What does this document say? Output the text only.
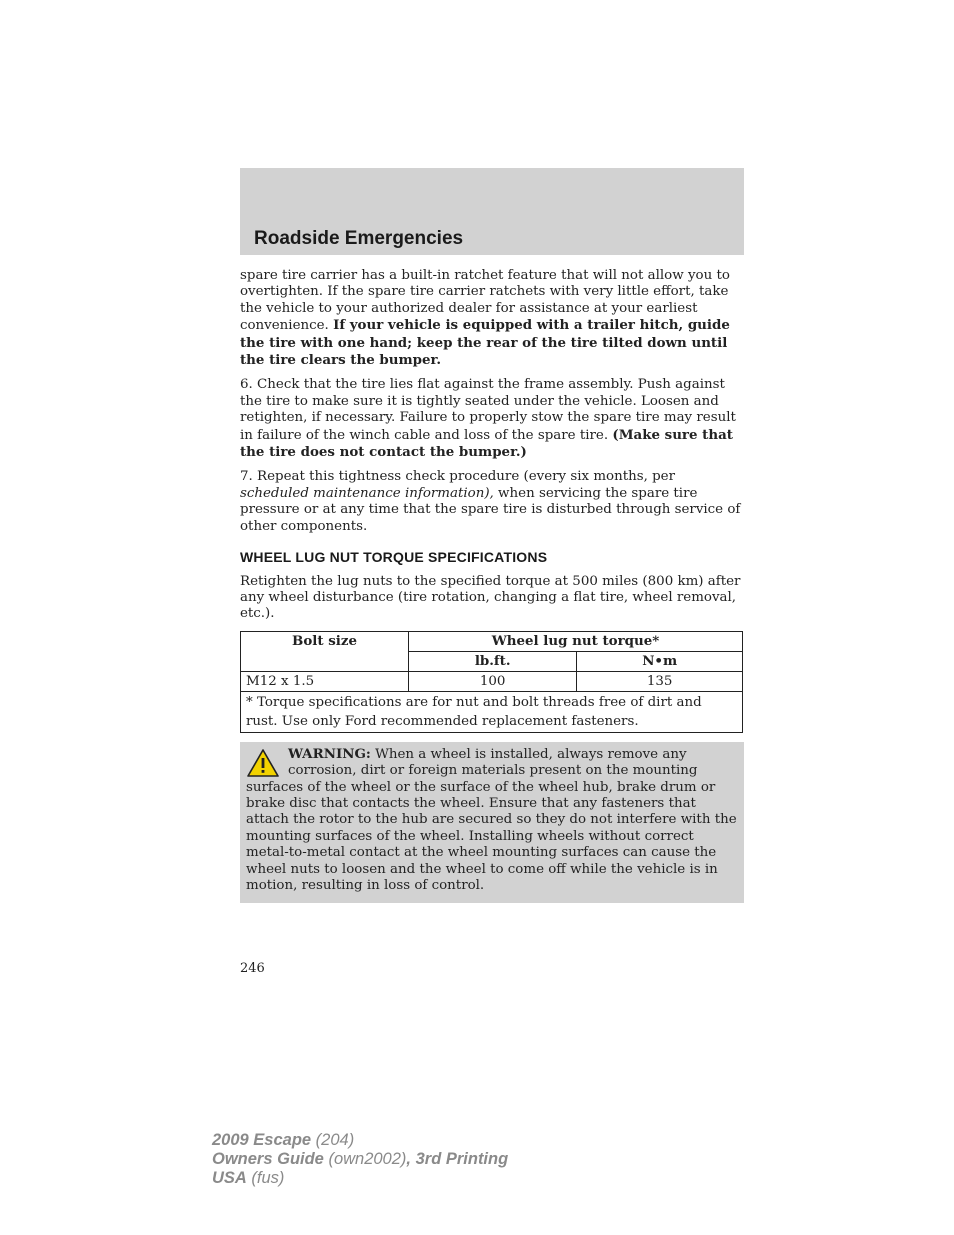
Roadside Emergencies

spare tire carrier has a built-in ratchet feature that will not allow you to overtighten. If the spare tire carrier ratchets with very little effort, take the vehicle to your authorized dealer for assistance at your earliest convenience. If your vehicle is equipped with a trailer hitch, guide the tire with one hand; keep the rear of the tire tilted down until the tire clears the bumper.

6. Check that the tire lies flat against the frame assembly. Push against the tire to make sure it is tightly seated under the vehicle. Loosen and retighten, if necessary. Failure to properly stow the spare tire may result in failure of the winch cable and loss of the spare tire. (Make sure that the tire does not contact the bumper.)

7. Repeat this tightness check procedure (every six months, per scheduled maintenance information), when servicing the spare tire pressure or at any time that the spare tire is disturbed through service of other components.

WHEEL LUG NUT TORQUE SPECIFICATIONS

Retighten the lug nuts to the specified torque at 500 miles (800 km) after any wheel disturbance (tire rotation, changing a flat tire, wheel removal, etc.).

Bolt size	Wheel lug nut torque*	
	lb.ft.	N•m
M12 x 1.5	100	135
* Torque specifications are for nut and bolt threads free of dirt and rust. Use only Ford recommended replacement fasteners.		
WARNING: When a wheel is installed, always remove any corrosion, dirt or foreign materials present on the mounting surfaces of the wheel or the surface of the wheel hub, brake drum or brake disc that contacts the wheel. Ensure that any fasteners that attach the rotor to the hub are secured so they do not interfere with the mounting surfaces of the wheel. Installing wheels without correct metal-to-metal contact at the wheel mounting surfaces can cause the wheel nuts to loosen and the wheel to come off while the vehicle is in motion, resulting in loss of control.
246
2009 Escape (204)
Owners Guide (own2002), 3rd Printing
USA (fus)
